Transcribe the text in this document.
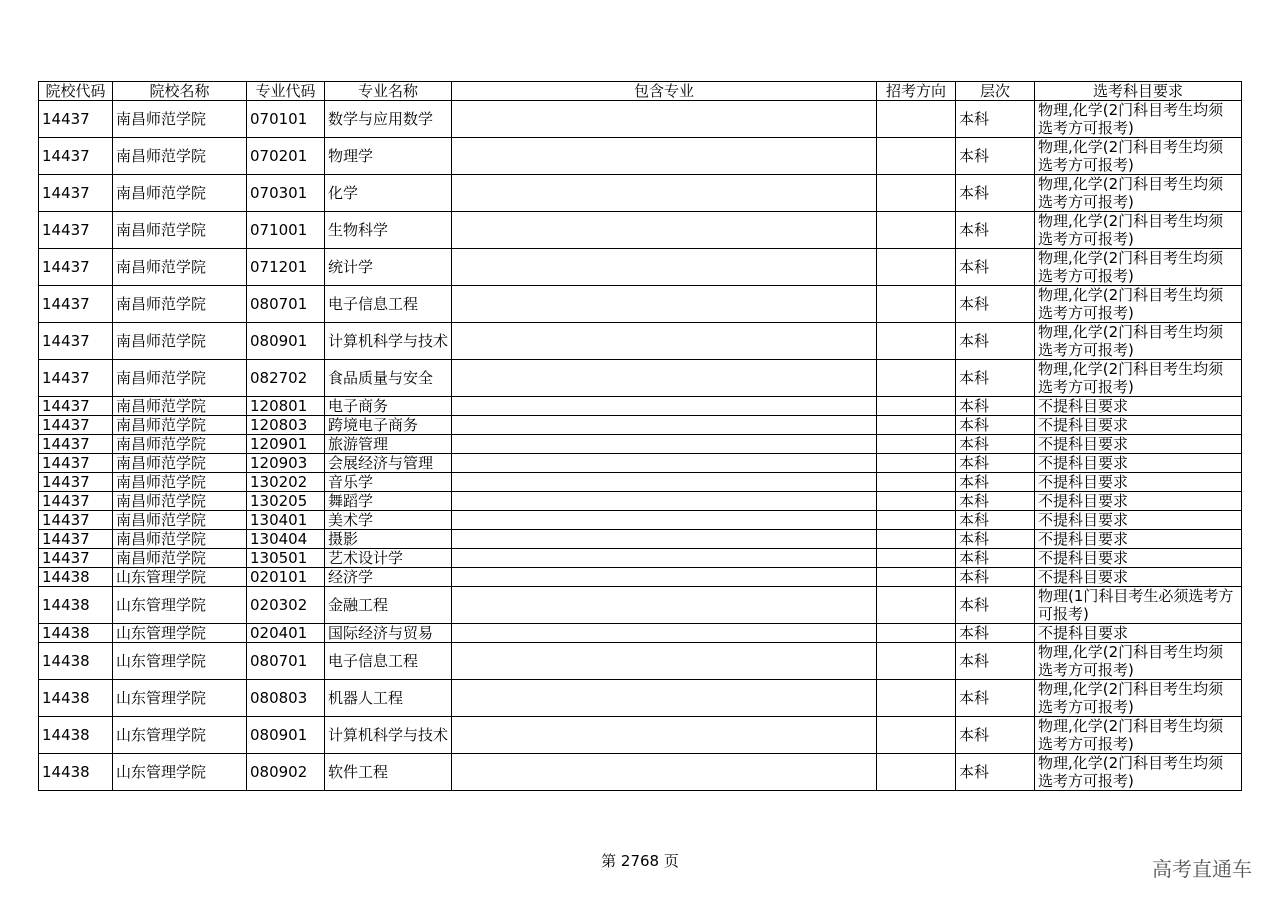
院校代码	院校名称	专业代码	专业名称	包含专业	招考方向	层次	选考科目要求
14437	南昌师范学院	070101	数学与应用数学			本科	物理,化学(2门科目考生均须选考方可报考)
14437	南昌师范学院	070201	物理学			本科	物理,化学(2门科目考生均须选考方可报考)
14437	南昌师范学院	070301	化学			本科	物理,化学(2门科目考生均须选考方可报考)
14437	南昌师范学院	071001	生物科学			本科	物理,化学(2门科目考生均须选考方可报考)
14437	南昌师范学院	071201	统计学			本科	物理,化学(2门科目考生均须选考方可报考)
14437	南昌师范学院	080701	电子信息工程			本科	物理,化学(2门科目考生均须选考方可报考)
14437	南昌师范学院	080901	计算机科学与技术			本科	物理,化学(2门科目考生均须选考方可报考)
14437	南昌师范学院	082702	食品质量与安全			本科	物理,化学(2门科目考生均须选考方可报考)
14437	南昌师范学院	120801	电子商务			本科	不提科目要求
14437	南昌师范学院	120803	跨境电子商务			本科	不提科目要求
14437	南昌师范学院	120901	旅游管理			本科	不提科目要求
14437	南昌师范学院	120903	会展经济与管理			本科	不提科目要求
14437	南昌师范学院	130202	音乐学			本科	不提科目要求
14437	南昌师范学院	130205	舞蹈学			本科	不提科目要求
14437	南昌师范学院	130401	美术学			本科	不提科目要求
14437	南昌师范学院	130404	摄影			本科	不提科目要求
14437	南昌师范学院	130501	艺术设计学			本科	不提科目要求
14438	山东管理学院	020101	经济学			本科	不提科目要求
14438	山东管理学院	020302	金融工程			本科	物理(1门科目考生必须选考方可报考)
14438	山东管理学院	020401	国际经济与贸易			本科	不提科目要求
14438	山东管理学院	080701	电子信息工程			本科	物理,化学(2门科目考生均须选考方可报考)
14438	山东管理学院	080803	机器人工程			本科	物理,化学(2门科目考生均须选考方可报考)
14438	山东管理学院	080901	计算机科学与技术			本科	物理,化学(2门科目考生均须选考方可报考)
14438	山东管理学院	080902	软件工程			本科	物理,化学(2门科目考生均须选考方可报考)
第 2768 页	高考直通车
